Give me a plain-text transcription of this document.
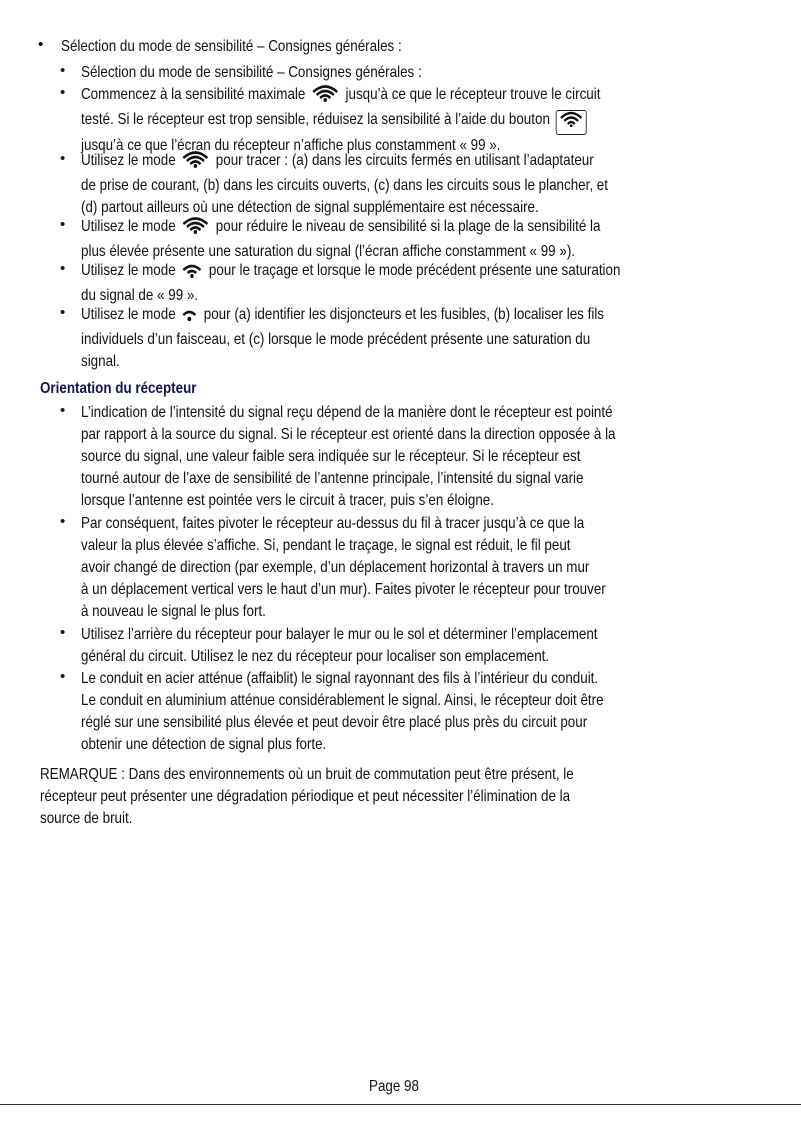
• Sélection du mode de sensibilité – Consignes générales :
• Sélection du mode de sensibilité – Consignes générales :
• Commencez à la sensibilité maximale	jusqu’à ce que le récepteur trouve le circuit
testé. Si le récepteur est trop sensible, réduisez la sensibilité à l’aide du bouton
jusqu’à ce que l’écran du récepteur n’affiche plus constamment « 99 ».
• Utilisez le mode	pour tracer : (a) dans les circuits fermés en utilisant l’adaptateur
de prise de courant, (b) dans les circuits ouverts, (c) dans les circuits sous le plancher, et
(d) partout ailleurs où une détection de signal supplémentaire est nécessaire.
• Utilisez le mode	pour réduire le niveau de sensibilité si la plage de la sensibilité la
plus élevée présente une saturation du signal (l’écran affiche constamment « 99 »).
• Utilisez le mode pour le traçage et lorsque le mode précédent présente une saturation
du signal de « 99 ».
• Utilisez le mode pour (a) identifier les disjoncteurs et les fusibles, (b) localiser les fils
individuels d’un faisceau, et (c) lorsque le mode précédent présente une saturation du
signal.
Orientation du récepteur
• L’indication de l’intensité du signal reçu dépend de la manière dont le récepteur est pointé
par rapport à la source du signal. Si le récepteur est orienté dans la direction opposée à la
source du signal, une valeur faible sera indiquée sur le récepteur. Si le récepteur est
tourné autour de l’axe de sensibilité de l’antenne principale, l’intensité du signal varie
lorsque l’antenne est pointée vers le circuit à tracer, puis s’en éloigne.
• Par conséquent, faites pivoter le récepteur au-dessus du fil à tracer jusqu’à ce que la
valeur la plus élevée s’affiche. Si, pendant le traçage, le signal est réduit, le fil peut
avoir changé de direction (par exemple, d’un déplacement horizontal à travers un mur
à un déplacement vertical vers le haut d’un mur). Faites pivoter le récepteur pour trouver
à nouveau le signal le plus fort.
• Utilisez l’arrière du récepteur pour balayer le mur ou le sol et déterminer l’emplacement
général du circuit. Utilisez le nez du récepteur pour localiser son emplacement.
• Le conduit en acier atténue (affaiblit) le signal rayonnant des fils à l’intérieur du conduit.
Le conduit en aluminium atténue considérablement le signal. Ainsi, le récepteur doit être
réglé sur une sensibilité plus élevée et peut devoir être placé plus près du circuit pour
obtenir une détection de signal plus forte.
REMARQUE : Dans des environnements où un bruit de commutation peut être présent, le
récepteur peut présenter une dégradation périodique et peut nécessiter l’élimination de la
source de bruit.
Page 98
